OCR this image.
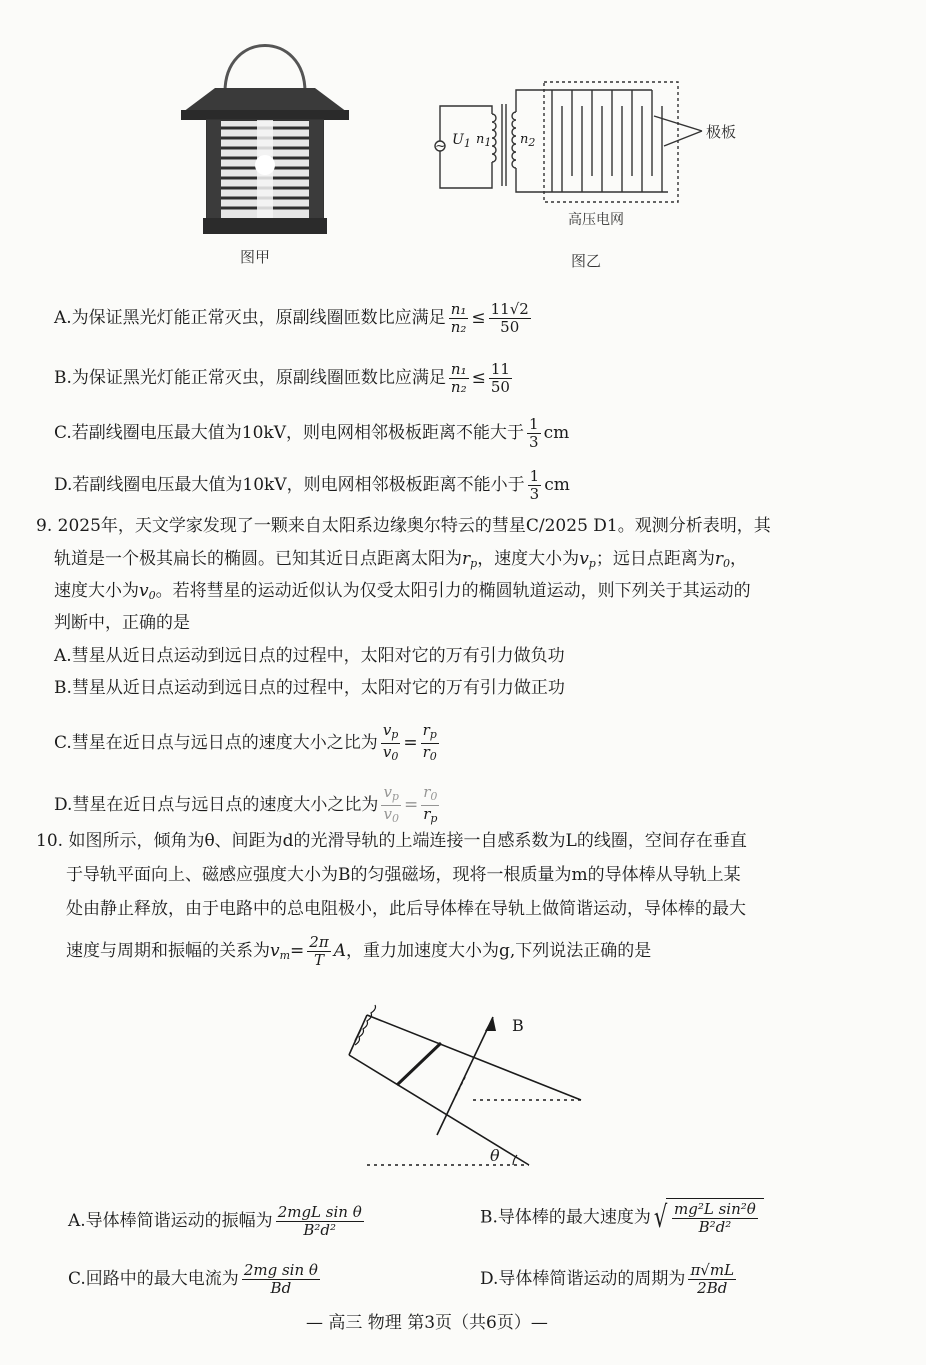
图甲
~ $U_1$ $n_1$ $n_2$
极板
高压电网
图乙
A.为保证黑光灯能正常灭虫，原副线圈匝数比应满足 $\frac{\text{n₁}}{\text{n₂}} \le \frac{11√2}{50}$
B.为保证黑光灯能正常灭虫，原副线圈匝数比应满足 $\frac{\text{n₁}}{\text{n₂}} \le \frac{11}{50}$
C.若副线圈电压最大值为10kV，则电网相邻极板距离不能大于 $\frac{1}{3}$ cm
D.若副线圈电压最大值为10kV，则电网相邻极板距离不能小于 $\frac{1}{3}$ cm
9. 2025年，天文学家发现了一颗来自太阳系边缘奥尔特云的彗星C/2025 D1。观测分析表明，其
轨道是一个极其扁长的椭圆。已知其近日点距离太阳为$r_p$，速度大小为$v_p$；远日点距离为$r_0$，
速度大小为$v_0$。若将彗星的运动近似认为仅受太阳引力的椭圆轨道运动，则下列关于其运动的
判断中，正确的是
A.彗星从近日点运动到远日点的过程中，太阳对它的万有引力做负功
B.彗星从近日点运动到远日点的过程中，太阳对它的万有引力做正功
C.彗星在近日点与远日点的速度大小之比为 $\frac{v_p}{v_0} = \frac{r_p}{r_0}$
D.彗星在近日点与远日点的速度大小之比为 $\frac{v_p}{v_0} = \frac{r_0}{r_p}$
10. 如图所示，倾角为θ、间距为d的光滑导轨的上端连接一自感系数为L的线圈，空间存在垂直
于导轨平面向上、磁感应强度大小为B的匀强磁场，现将一根质量为m的导体棒从导轨上某
处由静止释放，由于电路中的总电阻极小，此后导体棒在导轨上做简谐运动，导体棒的最大
速度与周期和振幅的关系为$v_m= \frac{2\pi}{T}$ A，重力加速度大小为g,下列说法正确的是
B
θ
A.导体棒简谐运动的振幅为 $\frac{\text{2mgL sin θ}}{\text{B²d²}}$	B.导体棒的最大速度为 √ $\frac{\text{mg²L sin²θ}}{\text{B²d²}}$
C.回路中的最大电流为 $\frac{\text{2mg sin θ}}{Bd}$	D.导体棒简谐运动的周期为 $\frac{\pi√mL}{2Bd}$
— 高三 物理 第3页（共6页）—
